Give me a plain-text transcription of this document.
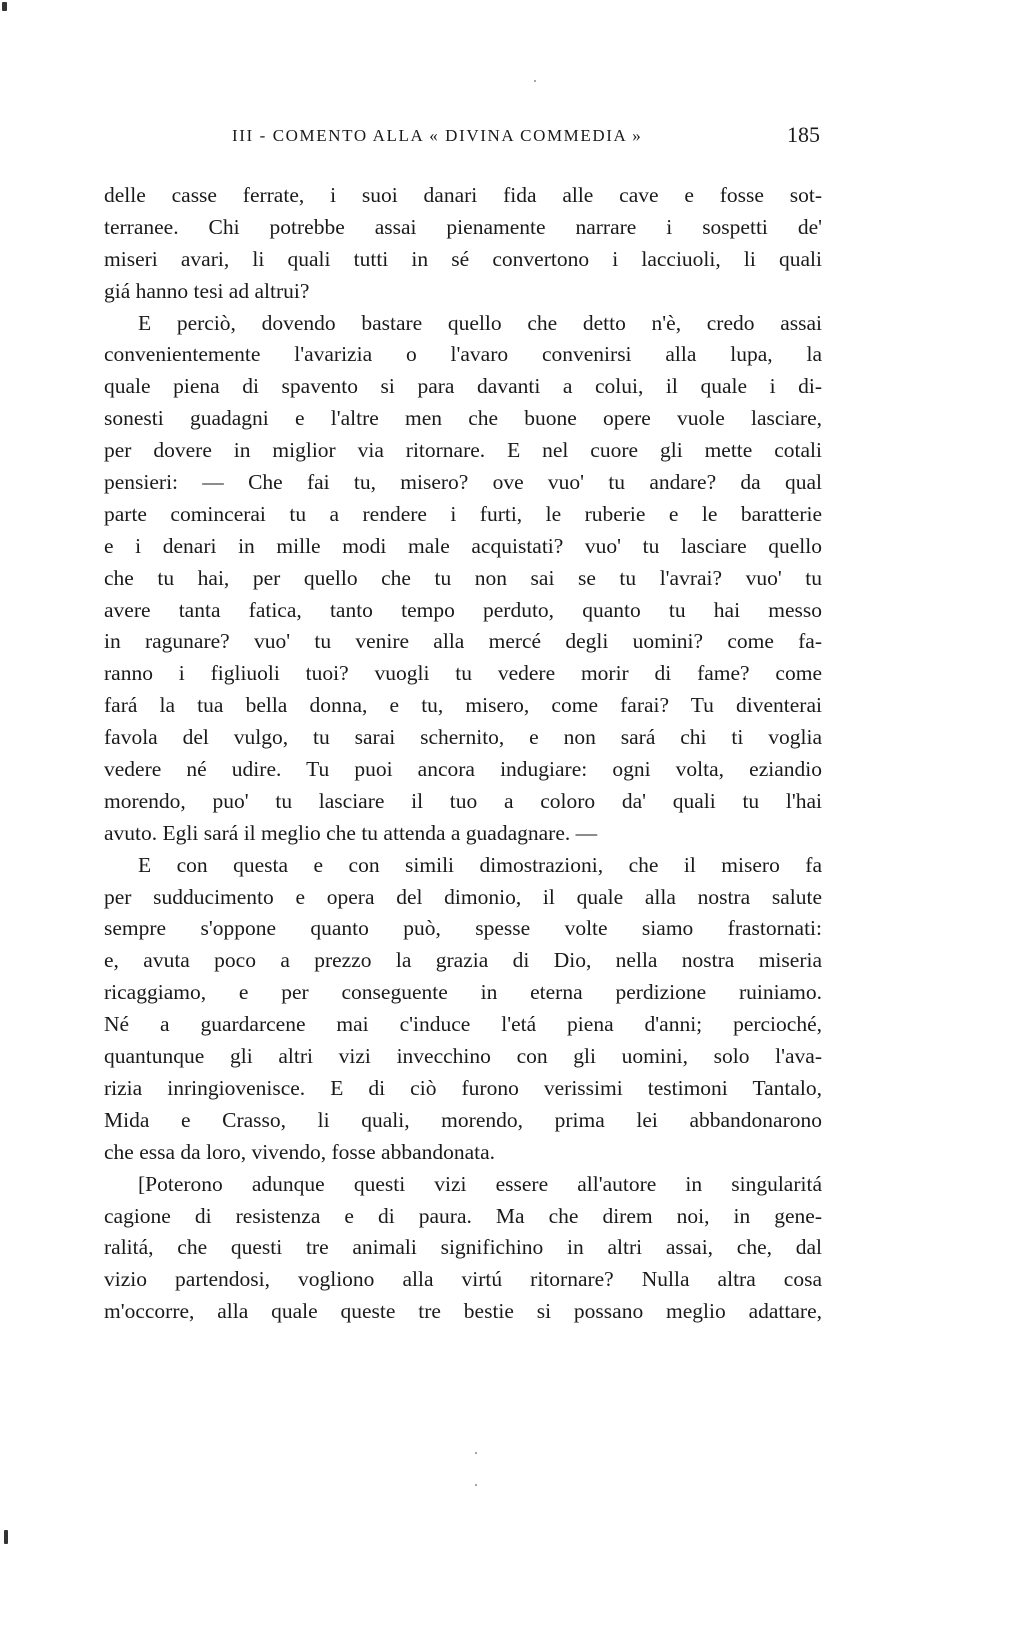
III - COMENTO ALLA « DIVINA COMMEDIA »	185
delle casse ferrate, i suoi danari fida alle cave e fosse sot-
terranee. Chi potrebbe assai pienamente narrare i sospetti de'
miseri avari, li quali tutti in sé convertono i lacciuoli, li quali
giá hanno tesi ad altrui?
E perciò, dovendo bastare quello che detto n'è, credo assai
convenientemente l'avarizia o l'avaro convenirsi alla lupa, la
quale piena di spavento si para davanti a colui, il quale i di-
sonesti guadagni e l'altre men che buone opere vuole lasciare,
per dovere in miglior via ritornare. E nel cuore gli mette cotali
pensieri: — Che fai tu, misero? ove vuo' tu andare? da qual
parte comincerai tu a rendere i furti, le ruberie e le baratterie
e i denari in mille modi male acquistati? vuo' tu lasciare quello
che tu hai, per quello che tu non sai se tu l'avrai? vuo' tu
avere tanta fatica, tanto tempo perduto, quanto tu hai messo
in ragunare? vuo' tu venire alla mercé degli uomini? come fa-
ranno i figliuoli tuoi? vuogli tu vedere morir di fame? come
fará la tua bella donna, e tu, misero, come farai? Tu diventerai
favola del vulgo, tu sarai schernito, e non sará chi ti voglia
vedere né udire. Tu puoi ancora indugiare: ogni volta, eziandio
morendo, puo' tu lasciare il tuo a coloro da' quali tu l'hai
avuto. Egli sará il meglio che tu attenda a guadagnare. —
E con questa e con simili dimostrazioni, che il misero fa
per sudducimento e opera del dimonio, il quale alla nostra salute
sempre s'oppone quanto può, spesse volte siamo frastornati:
e, avuta poco a prezzo la grazia di Dio, nella nostra miseria
ricaggiamo, e per conseguente in eterna perdizione ruiniamo.
Né a guardarcene mai c'induce l'etá piena d'anni; percioché,
quantunque gli altri vizi invecchino con gli uomini, solo l'ava-
rizia inringiovenisce. E di ciò furono verissimi testimoni Tantalo,
Mida e Crasso, li quali, morendo, prima lei abbandonarono
che essa da loro, vivendo, fosse abbandonata.
[Poterono adunque questi vizi essere all'autore in singularitá
cagione di resistenza e di paura. Ma che direm noi, in gene-
ralitá, che questi tre animali significhino in altri assai, che, dal
vizio partendosi, vogliono alla virtú ritornare? Nulla altra cosa
m'occorre, alla quale queste tre bestie si possano meglio adattare,
